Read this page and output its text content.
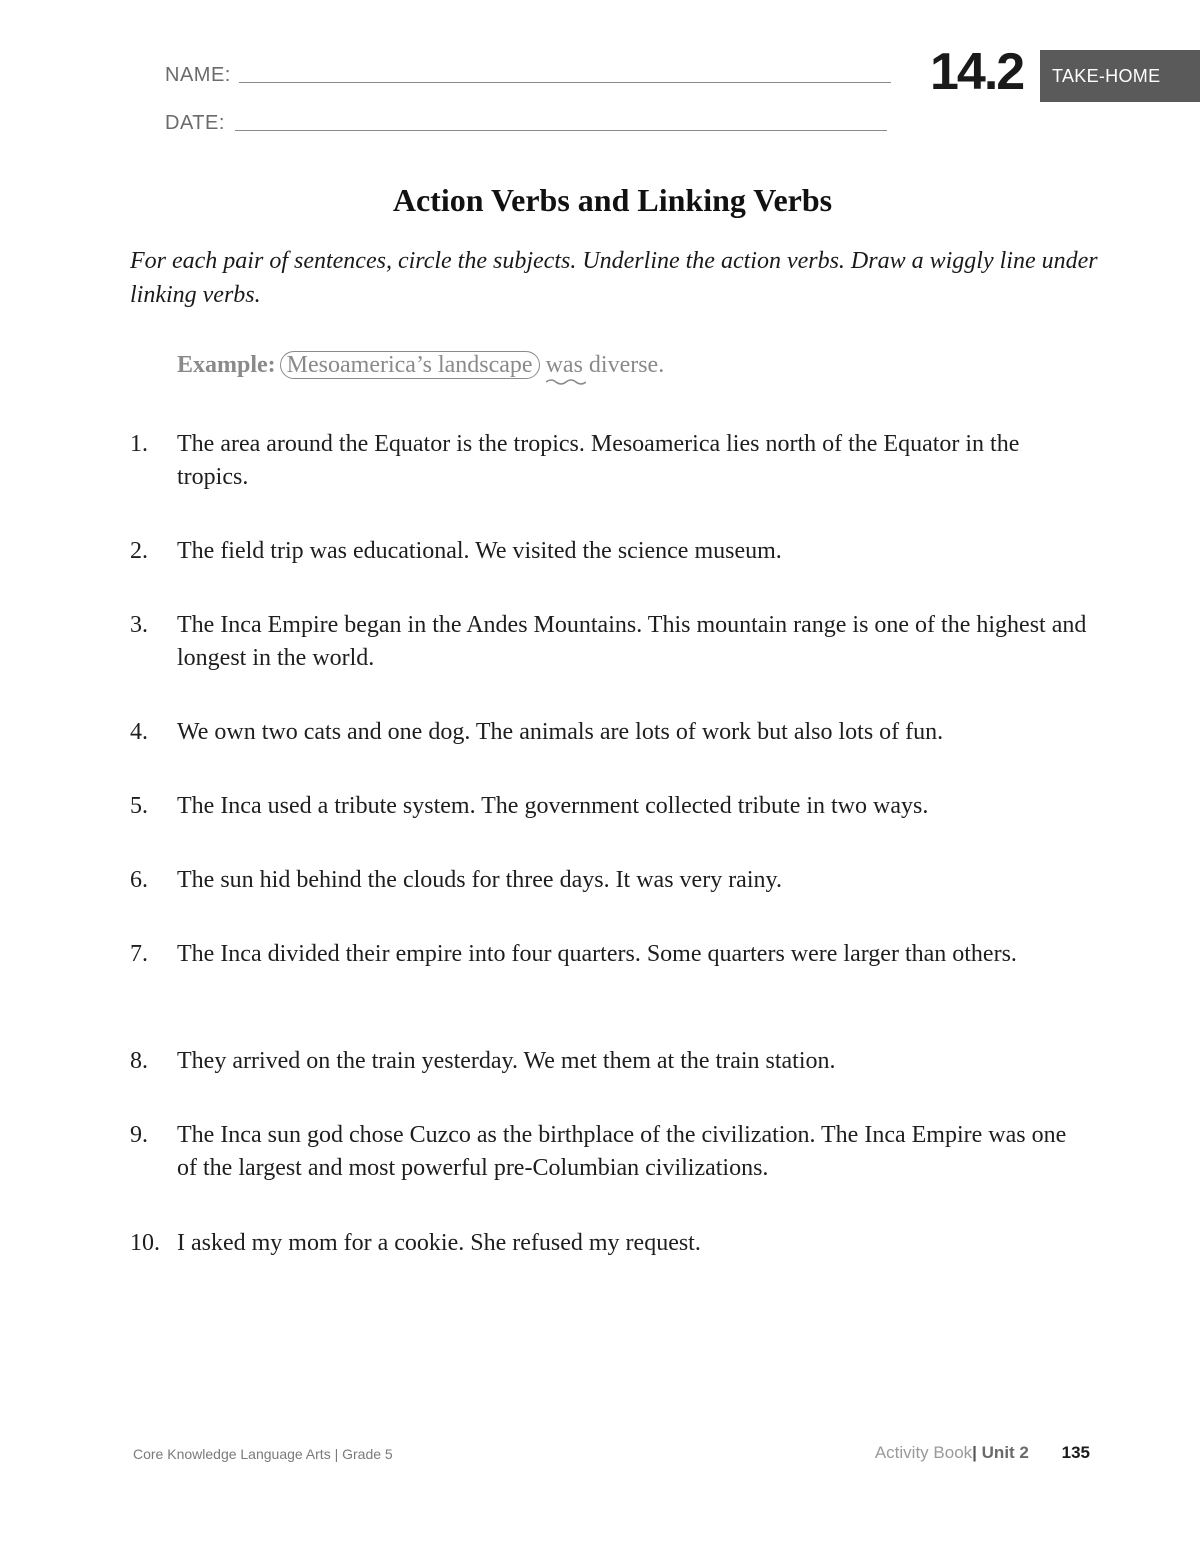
NAME:
DATE:
14.2	TAKE-HOME
Action Verbs and Linking Verbs
For each pair of sentences, circle the subjects. Underline the action verbs. Draw a wiggly line under linking verbs.
Example: Mesoamerica’s landscape was diverse.
1. The area around the Equator is the tropics. Mesoamerica lies north of the Equator in the tropics.
2. The field trip was educational. We visited the science museum.
3. The Inca Empire began in the Andes Mountains. This mountain range is one of the highest and longest in the world.
4. We own two cats and one dog. The animals are lots of work but also lots of fun.
5. The Inca used a tribute system. The government collected tribute in two ways.
6. The sun hid behind the clouds for three days. It was very rainy.
7. The Inca divided their empire into four quarters. Some quarters were larger than others.
8. They arrived on the train yesterday. We met them at the train station.
9. The Inca sun god chose Cuzco as the birthplace of the civilization. The Inca Empire was one of the largest and most powerful pre-Columbian civilizations.
10. I asked my mom for a cookie. She refused my request.
Core Knowledge Language Arts | Grade 5	Activity Book| Unit 2 135
